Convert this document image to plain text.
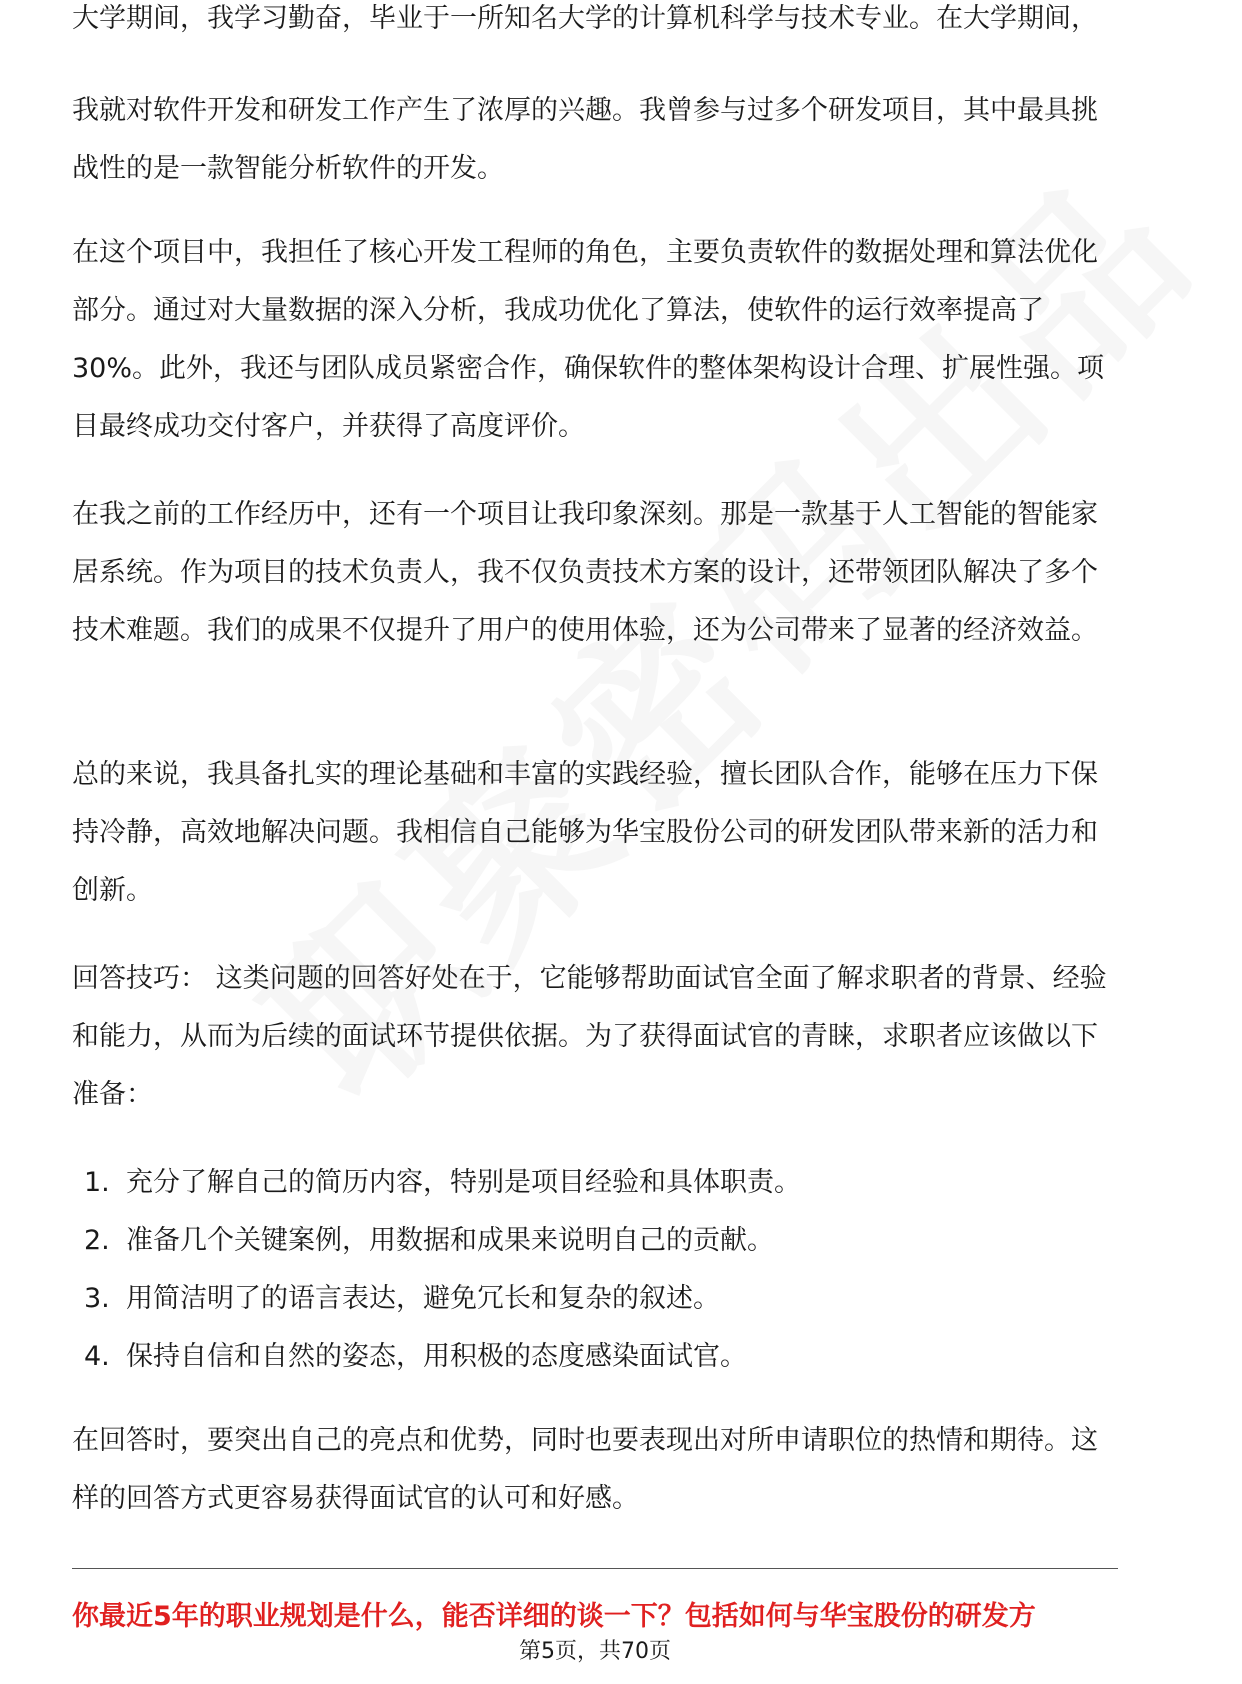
大学期间，我学习勤奋，毕业于一所知名大学的计算机科学与技术专业。在大学期间，

我就对软件开发和研发工作产生了浓厚的兴趣。我曾参与过多个研发项目，其中最具挑战性的是一款智能分析软件的开发。

在这个项目中，我担任了核心开发工程师的角色，主要负责软件的数据处理和算法优化部分。通过对大量数据的深入分析，我成功优化了算法，使软件的运行效率提高了30%。此外，我还与团队成员紧密合作，确保软件的整体架构设计合理、扩展性强。项目最终成功交付客户，并获得了高度评价。

在我之前的工作经历中，还有一个项目让我印象深刻。那是一款基于人工智能的智能家居系统。作为项目的技术负责人，我不仅负责技术方案的设计，还带领团队解决了多个技术难题。我们的成果不仅提升了用户的使用体验，还为公司带来了显著的经济效益。

总的来说，我具备扎实的理论基础和丰富的实践经验，擅长团队合作，能够在压力下保持冷静，高效地解决问题。我相信自己能够为华宝股份公司的研发团队带来新的活力和创新。

回答技巧： 这类问题的回答好处在于，它能够帮助面试官全面了解求职者的背景、经验和能力，从而为后续的面试环节提供依据。为了获得面试官的青睐，求职者应该做以下准备：

1. 充分了解自己的简历内容，特别是项目经验和具体职责。
2. 准备几个关键案例，用数据和成果来说明自己的贡献。
3. 用简洁明了的语言表达，避免冗长和复杂的叙述。
4. 保持自信和自然的姿态，用积极的态度感染面试官。

在回答时，要突出自己的亮点和优势，同时也要表现出对所申请职位的热情和期待。这样的回答方式更容易获得面试官的认可和好感。

你最近5年的职业规划是什么，能否详细的谈一下？包括如何与华宝股份的研发方
第5页，共70页
